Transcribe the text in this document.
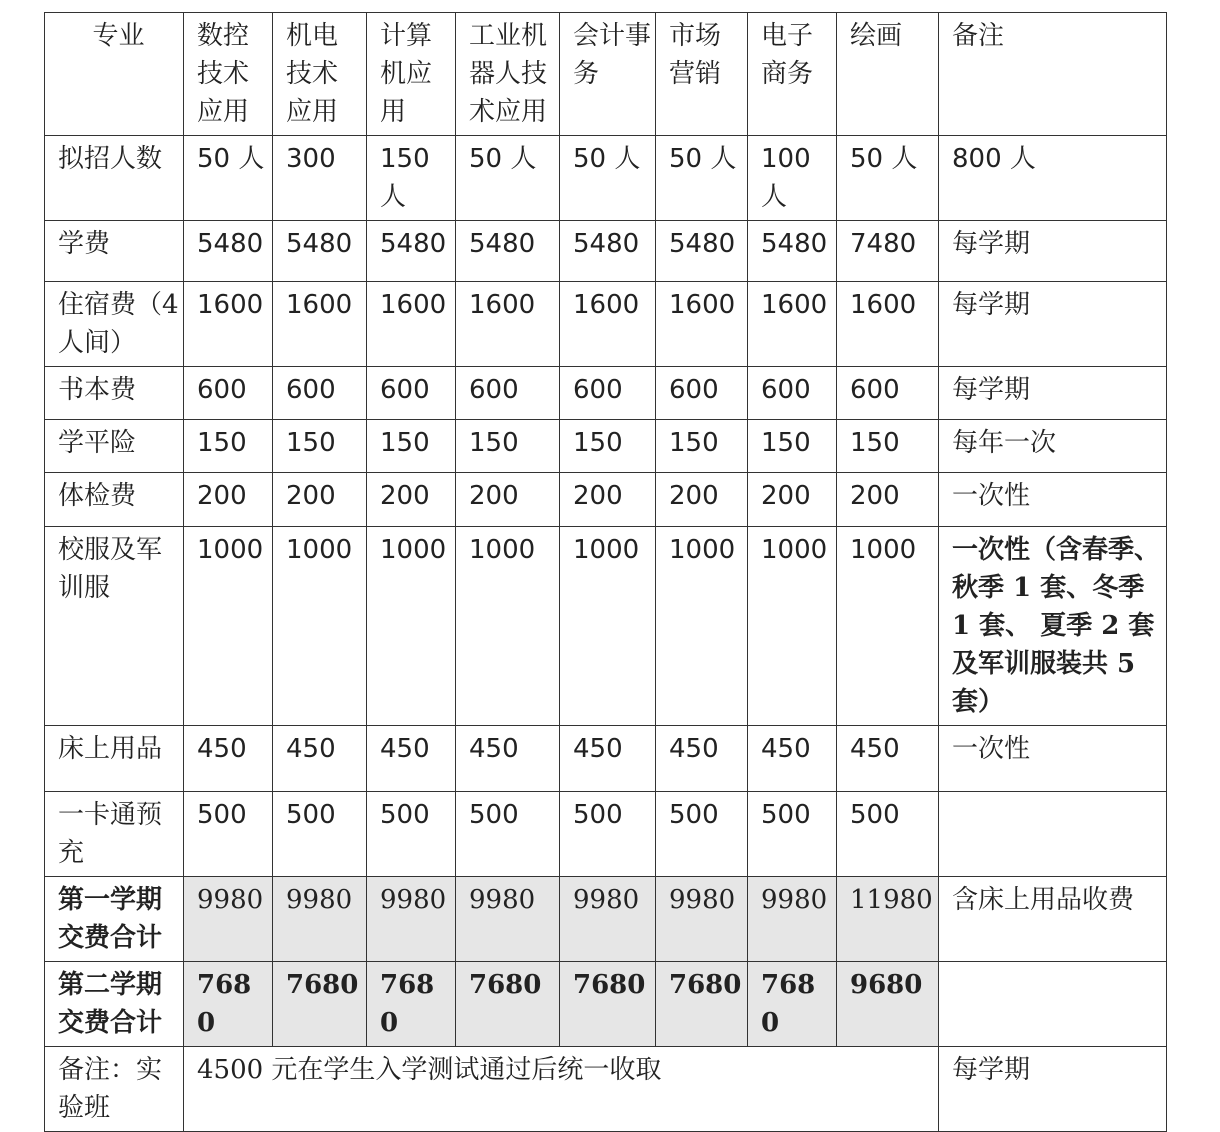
专业	数控技术应用	机电技术应用	计算机应用	工业机器人技术应用	会计事务	市场营销	电子商务	绘画	备注
拟招人数	50 人	300	150 人	50 人	50 人	50 人	100 人	50 人	800 人
学费	5480	5480	5480	5480	5480	5480	5480	7480	每学期
住宿费（4 人间）	1600	1600	1600	1600	1600	1600	1600	1600	每学期
书本费	600	600	600	600	600	600	600	600	每学期
学平险	150	150	150	150	150	150	150	150	每年一次
体检费	200	200	200	200	200	200	200	200	一次性
校服及军训服	1000	1000	1000	1000	1000	1000	1000	1000	一次性（含春季、秋季 1 套、冬季 1 套、 夏季 2 套及军训服装共 5 套）
床上用品	450	450	450	450	450	450	450	450	一次性
一卡通预充	500	500	500	500	500	500	500	500	
第一学期交费合计	9980	9980	9980	9980	9980	9980	9980	11980	含床上用品收费
第二学期交费合计	7680	7680	7680	7680	7680	7680	7680	9680	
备注：实验班	4500 元在学生入学测试通过后统一收取								每学期
